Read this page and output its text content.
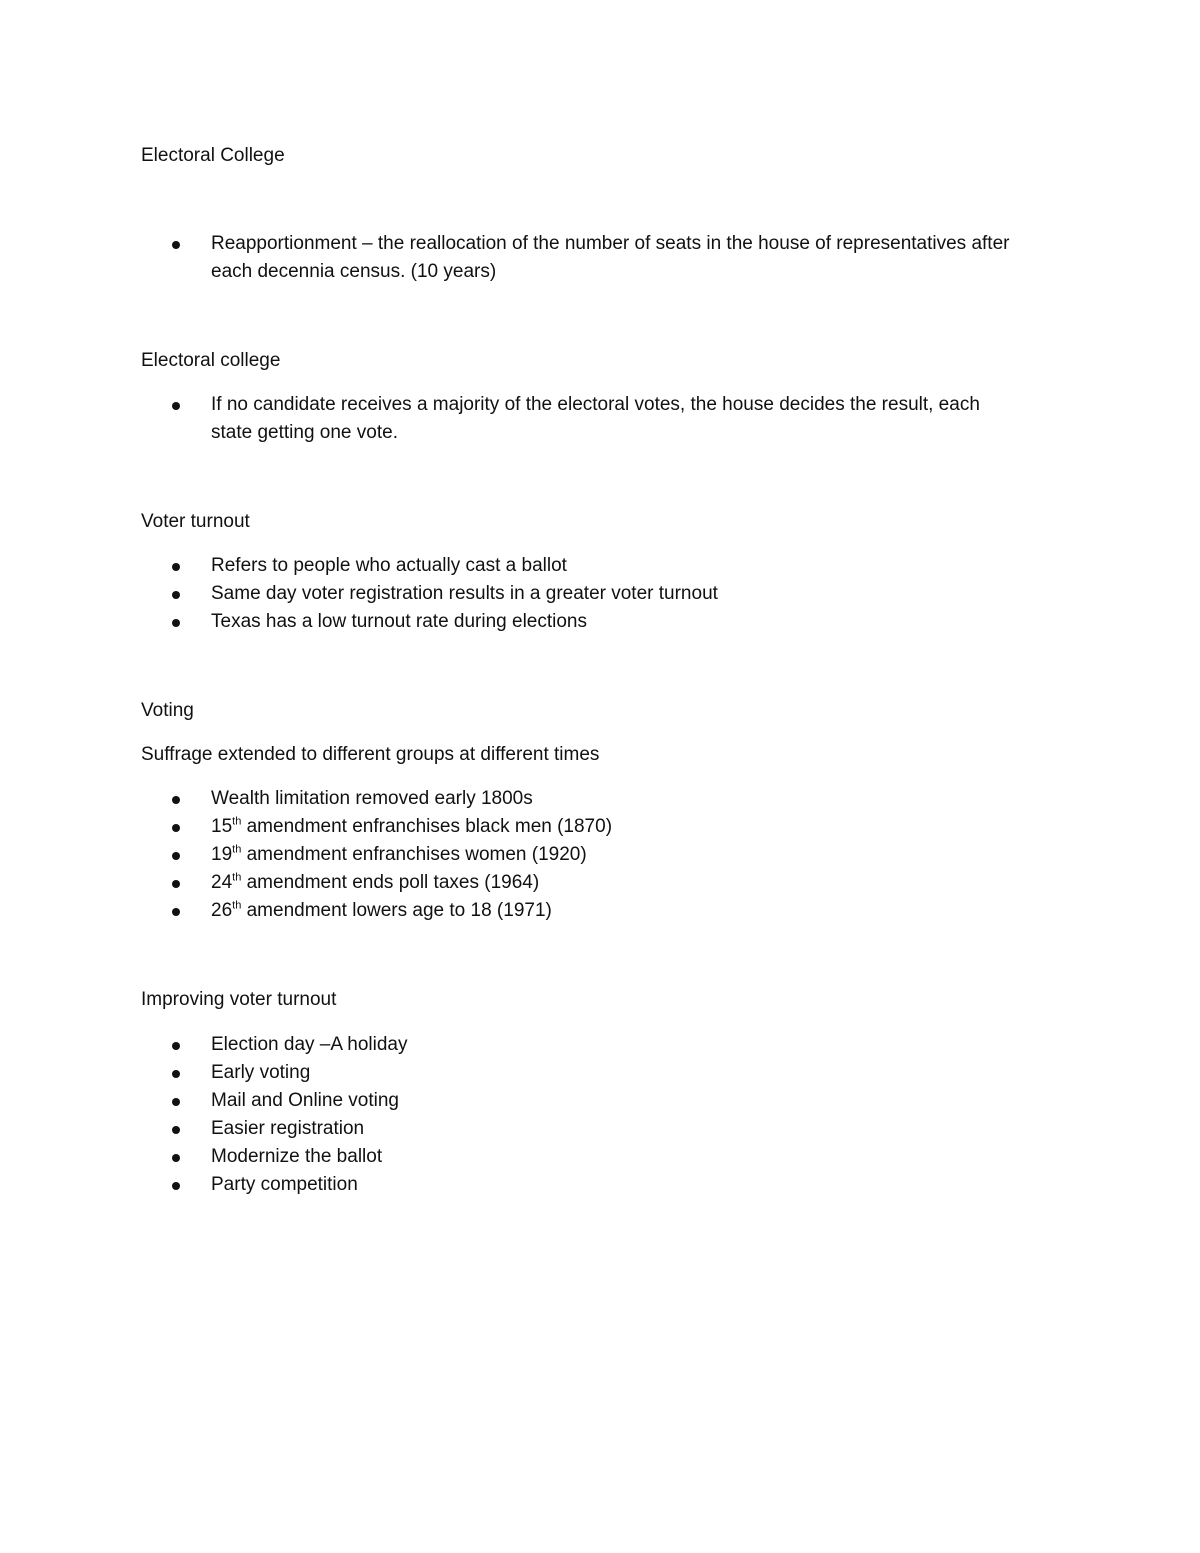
Electoral College
Reapportionment – the reallocation of the number of seats in the house of representatives after
each decennia census. (10 years)
Electoral college
If no candidate receives a majority of the electoral votes, the house decides the result, each
state getting one vote.
Voter turnout
Refers to people who actually cast a ballot
Same day voter registration results in a greater voter turnout
Texas has a low turnout rate during elections
Voting
Suffrage extended to different groups at different times
Wealth limitation removed early 1800s
15th amendment enfranchises black men (1870)
19th amendment enfranchises women (1920)
24th amendment ends poll taxes (1964)
26th amendment lowers age to 18 (1971)
Improving voter turnout
Election day –A holiday
Early voting
Mail and Online voting
Easier registration
Modernize the ballot
Party competition
